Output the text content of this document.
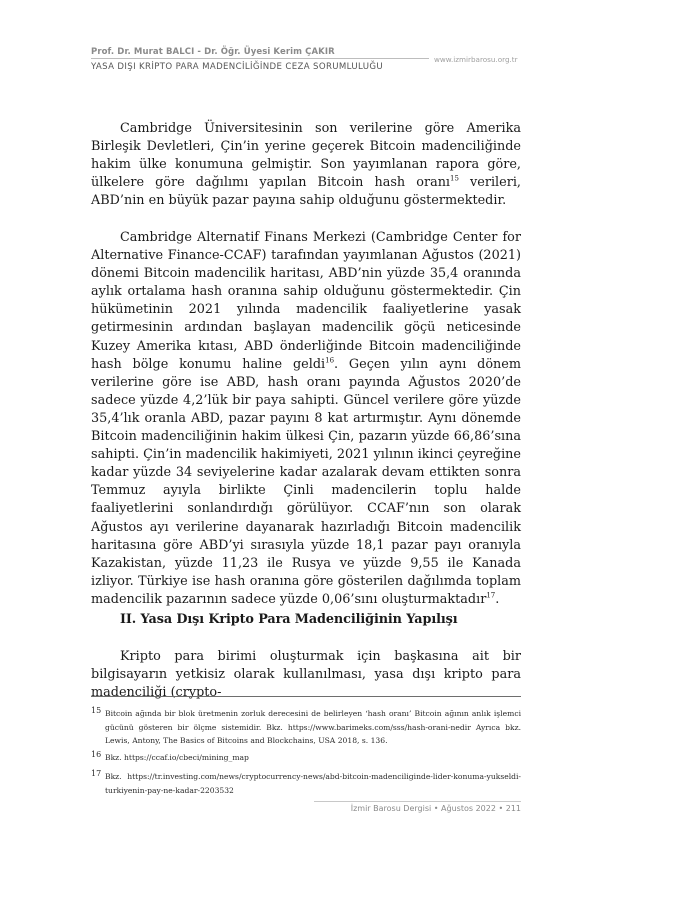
Prof. Dr. Murat BALCI - Dr. Öğr. Üyesi Kerim ÇAKIR
www.izmirbarosu.org.tr
YASA DIŞI KRİPTO PARA MADENCİLİĞİNDE CEZA SORUMLULUĞU

Cambridge Üniversitesinin son verilerine göre Amerika Birleşik Devletleri, Çin’in yerine geçerek Bitcoin madenciliğinde hakim ülke konumuna gelmiştir. Son yayımlanan rapora göre, ülkelere göre dağılımı yapılan Bitcoin hash oranı$^{15}$ verileri, ABD’nin en büyük pazar payına sahip olduğunu göstermektedir.

Cambridge Alternatif Finans Merkezi (Cambridge Center for Alternative Finance-CCAF) tarafından yayımlanan Ağustos (2021) dönemi Bitcoin madencilik haritası, ABD’nin yüzde 35,4 oranında aylık ortalama hash oranına sahip olduğunu göstermektedir. Çin hükümetinin 2021 yılında madencilik faaliyetlerine yasak getirmesinin ardından başlayan madencilik göçü neticesinde Kuzey Amerika kıtası, ABD önderliğinde Bitcoin madenciliğinde hash bölge konumu haline geldi$^{16}$. Geçen yılın aynı dönem verilerine göre ise ABD, hash oranı payında Ağustos 2020’de sadece yüzde 4,2’lük bir paya sahipti. Güncel verilere göre yüzde 35,4’lık oranla ABD, pazar payını 8 kat artırmıştır. Aynı dönemde Bitcoin madenciliğinin hakim ülkesi Çin, pazarın yüzde 66,86’sına sahipti. Çin’in madencilik hakimiyeti, 2021 yılının ikinci çeyreğine kadar yüzde 34 seviyelerine kadar azalarak devam ettikten sonra Temmuz ayıyla birlikte Çinli madencilerin toplu halde faaliyetlerini sonlandırdığı görülüyor. CCAF’nın son olarak Ağustos ayı verilerine dayanarak hazırladığı Bitcoin madencilik haritasına göre ABD’yi sırasıyla yüzde 18,1 pazar payı oranıyla Kazakistan, yüzde 11,23 ile Rusya ve yüzde 9,55 ile Kanada izliyor. Türkiye ise hash oranına göre gösterilen dağılımda toplam madencilik pazarının sadece yüzde 0,06’sını oluşturmaktadır$^{17}$.

II. Yasa Dışı Kripto Para Madenciliğinin Yapılışı

Kripto para birimi oluşturmak için başkasına ait bir bilgisayarın yetkisiz olarak kullanılması, yasa dışı kripto para madenciliği (crypto-

15 Bitcoin ağında bir blok üretmenin zorluk derecesini de belirleyen ‘hash oranı’ Bitcoin ağının anlık işlemci gücünü gösteren bir ölçme sistemidir. Bkz. https://www.barimeks.com/sss/hash-orani-nedir Ayrıca bkz. Lewis, Antony, The Basics of Bitcoins and Blockchains, USA 2018, s. 136.
16 Bkz. https://ccaf.io/cbeci/mining_map
17 Bkz. https://tr.investing.com/news/cryptocurrency-news/abd-bitcoin-madenciliginde-lider-konuma-yukseldi-turkiyenin-pay-ne-kadar-2203532
İzmir Barosu Dergisi • Ağustos 2022 • 211
